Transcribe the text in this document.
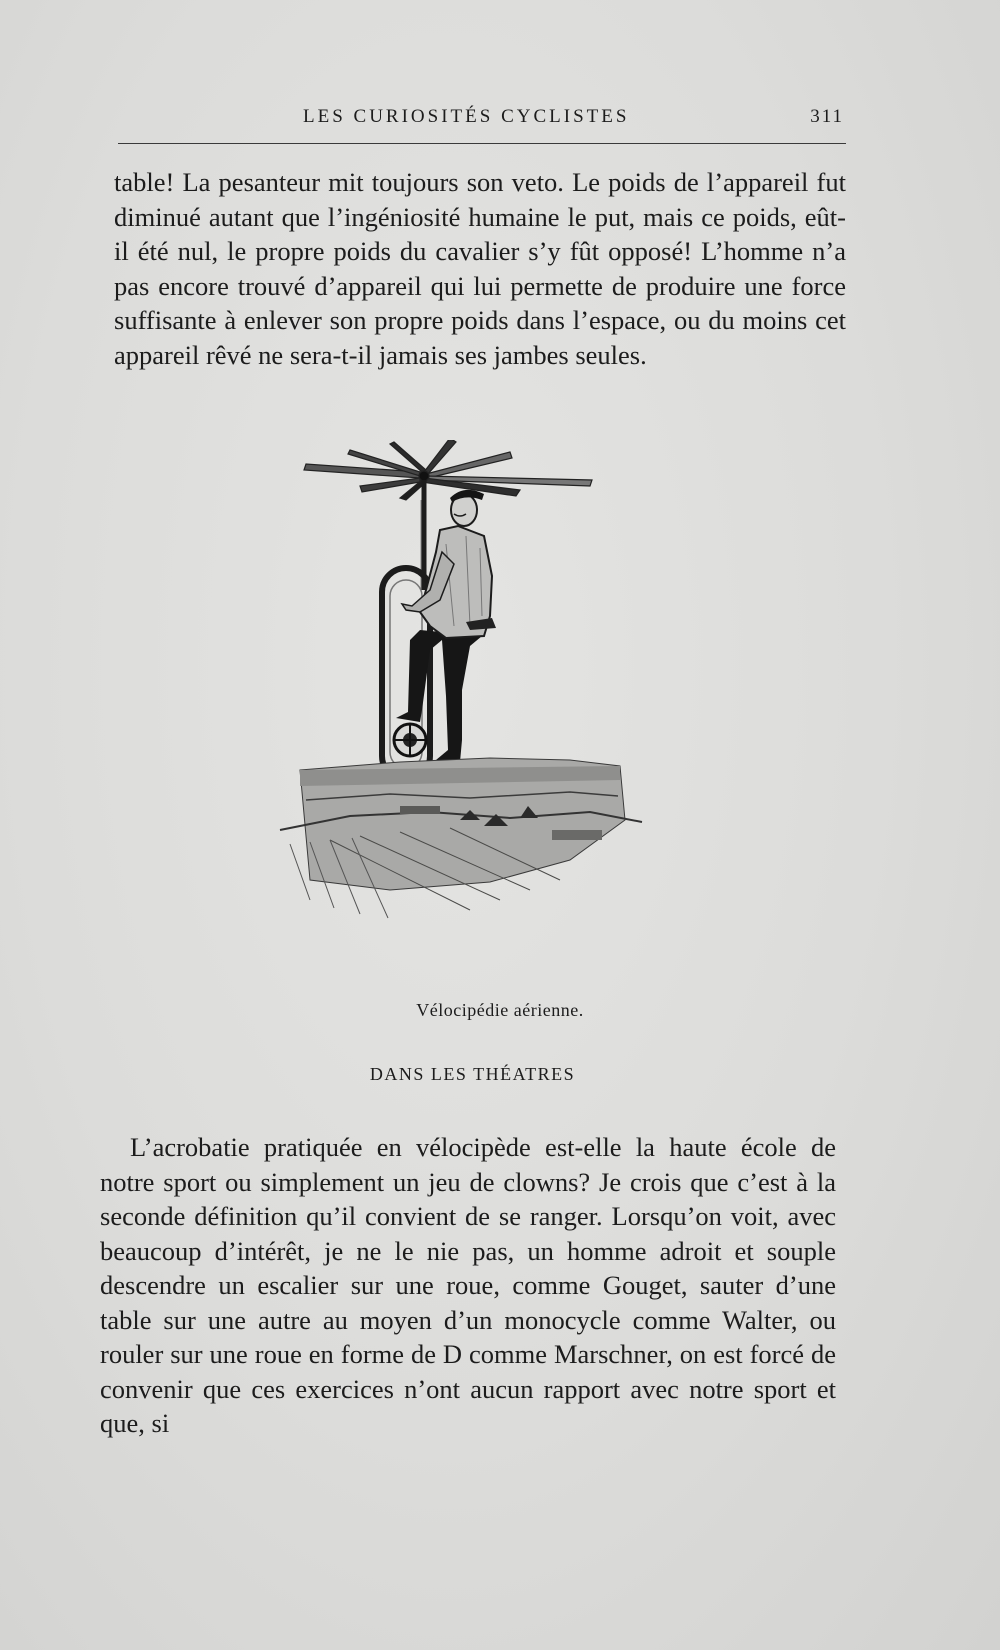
LES CURIOSITÉS CYCLISTES	311

table! La pesanteur mit toujours son veto. Le poids de l’appareil fut diminué autant que l’ingéniosité humaine le put, mais ce poids, eût-il été nul, le propre poids du cavalier s’y fût opposé! L’homme n’a pas encore trouvé d’appareil qui lui permette de produire une force suffisante à enlever son propre poids dans l’espace, ou du moins cet appareil rêvé ne sera-t-il jamais ses jambes seules.

Vélocipédie aérienne.
DANS LES THÉATRES

L’acrobatie pratiquée en vélocipède est-elle la haute école de notre sport ou simplement un jeu de clowns? Je crois que c’est à la seconde définition qu’il convient de se ranger. Lorsqu’on voit, avec beaucoup d’intérêt, je ne le nie pas, un homme adroit et souple descendre un escalier sur une roue, comme Gouget, sauter d’une table sur une autre au moyen d’un monocycle comme Walter, ou rouler sur une roue en forme de D comme Marschner, on est forcé de convenir que ces exercices n’ont aucun rapport avec notre sport et que, si
